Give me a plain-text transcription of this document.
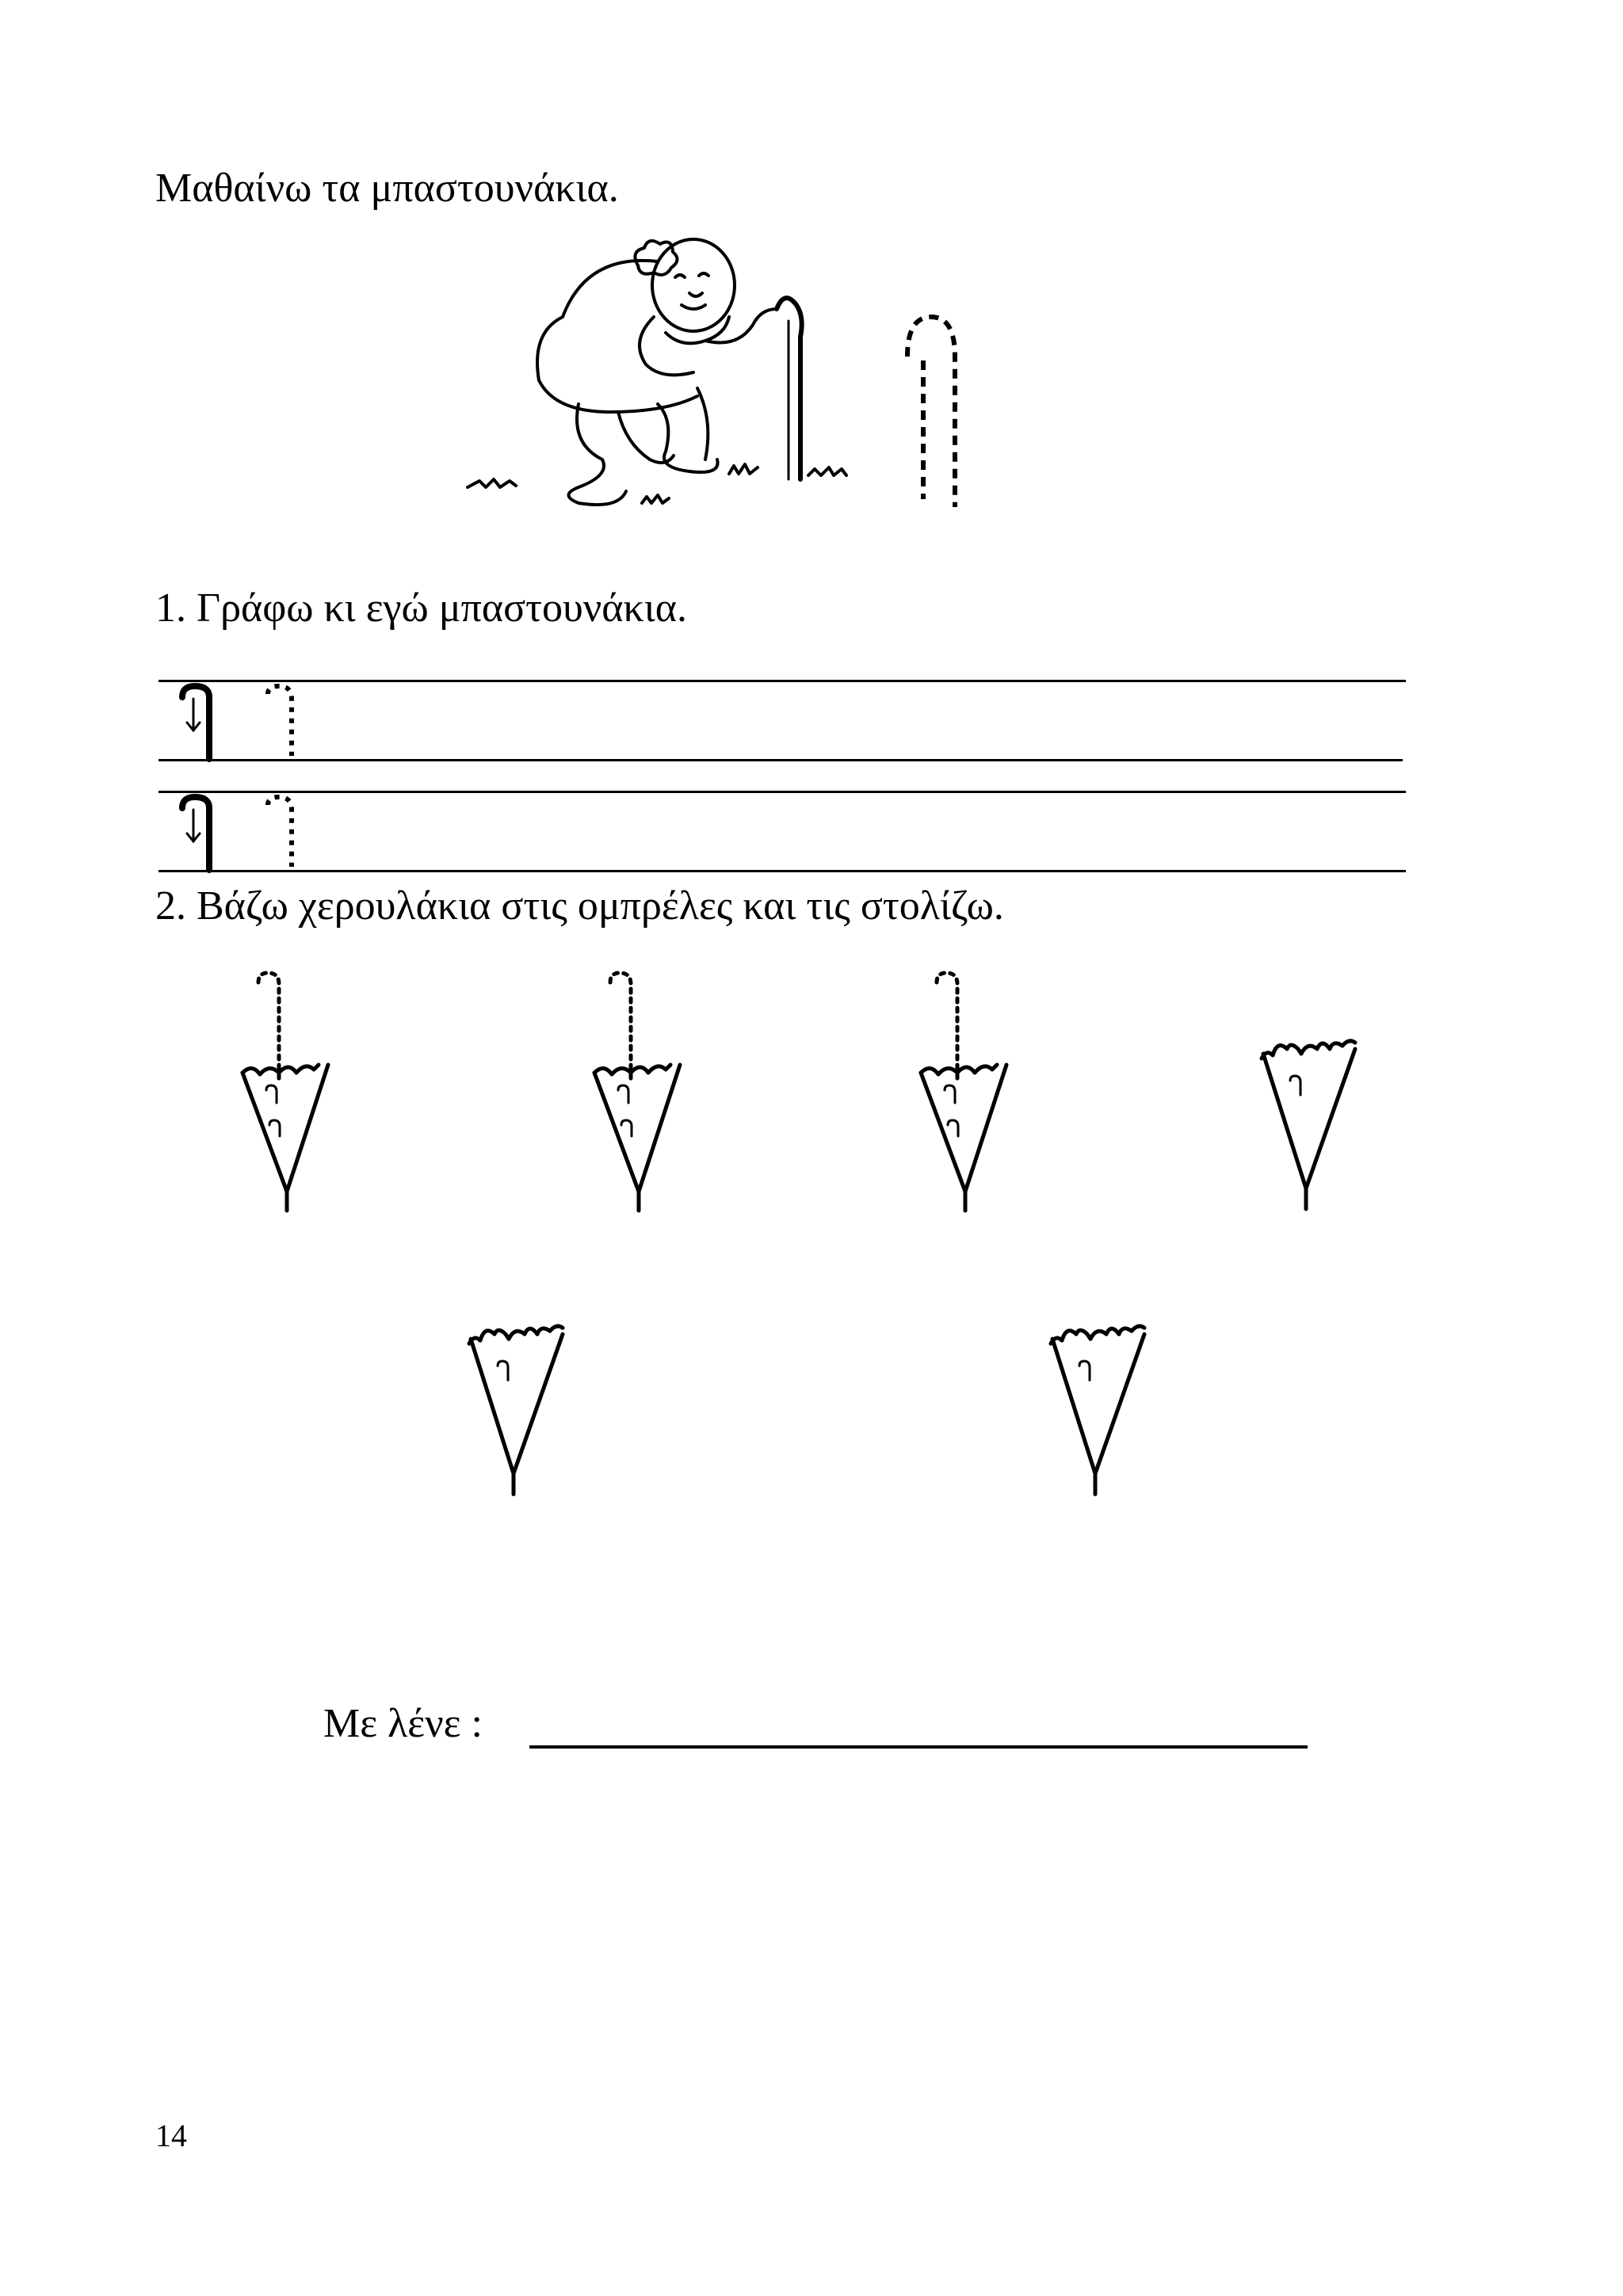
Μαθαίνω τα μπαστουνάκια.
1. Γράφω κι εγώ μπαστουνάκια.
2. Βάζω χερουλάκια στις ομπρέλες και τις στολίζω.
Με λένε :
14
